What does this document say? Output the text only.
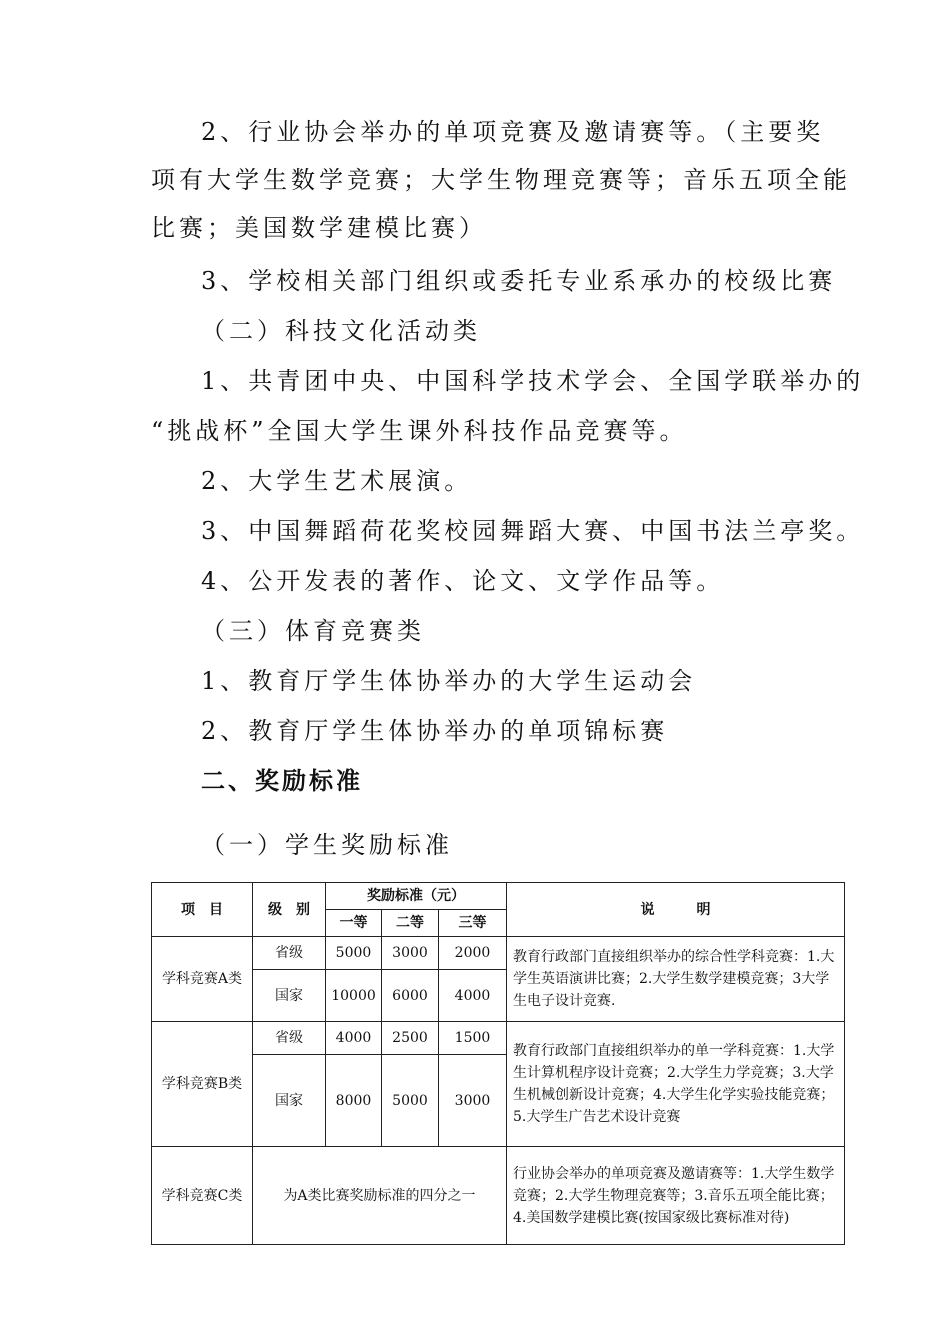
2、行业协会举办的单项竞赛及邀请赛等。（主要奖项有大学生数学竞赛；大学生物理竞赛等；音乐五项全能比赛；美国数学建模比赛）
3、学校相关部门组织或委托专业系承办的校级比赛
（二）科技文化活动类
1、共青团中央、中国科学技术学会、全国学联举办的
“挑战杯”全国大学生课外科技作品竞赛等。
2、大学生艺术展演。
3、中国舞蹈荷花奖校园舞蹈大赛、中国书法兰亭奖。
4、公开发表的著作、论文、文学作品等。
（三）体育竞赛类
1、教育厅学生体协举办的大学生运动会
2、教育厅学生体协举办的单项锦标赛
二、奖励标准
（一）学生奖励标准
项　目	级　别	奖励标准（元）			说　　　明
		一等	二等	三等	
学科竞赛A类	省级	5000	3000	2000	教育行政部门直接组织举办的综合性学科竞赛：1.大学生英语演讲比赛；2.大学生数学建模竞赛；3大学生电子设计竞赛.
	国家	10000	6000	4000	
学科竞赛B类	省级	4000	2500	1500	教育行政部门直接组织举办的单一学科竞赛：1.大学生计算机程序设计竞赛；2.大学生力学竞赛；3.大学生机械创新设计竞赛；4.大学生化学实验技能竞赛；5.大学生广告艺术设计竞赛
	国家	8000	5000	3000	
学科竞赛C类	为A类比赛奖励标准的四分之一				行业协会举办的单项竞赛及邀请赛等：1.大学生数学竞赛；2.大学生物理竞赛等；3.音乐五项全能比赛；4.美国数学建模比赛(按国家级比赛标准对待)
